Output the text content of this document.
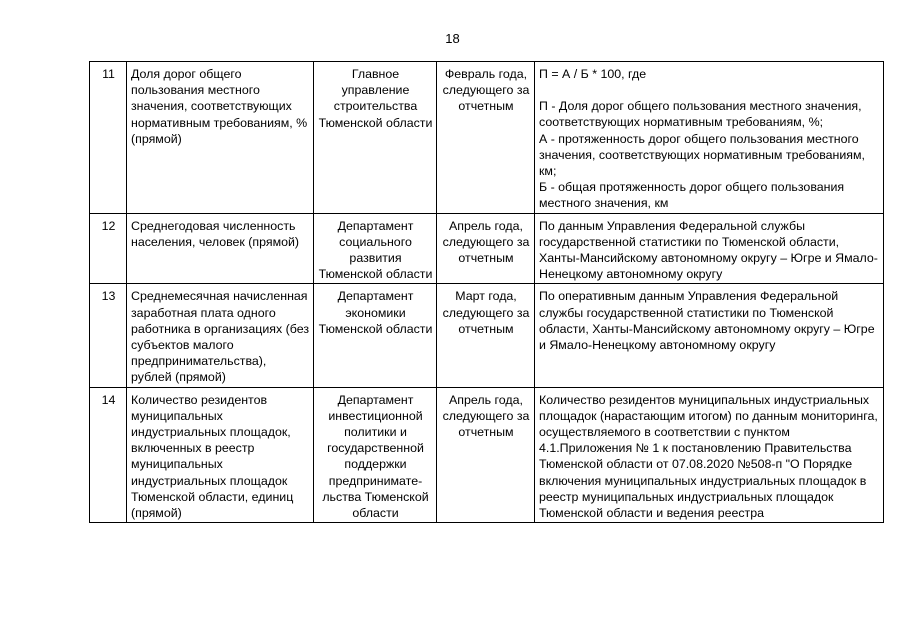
18
11	Доля дорог общего пользования местного значения, соответствующих нормативным требованиям, % (прямой)	Главное управление строительства Тюменской области	Февраль года, следующего за отчетным	П = А / Б * 100, где

П - Доля дорог общего пользования местного значения, соответствующих нормативным требованиям, %;

А - протяженность дорог общего пользования местного значения, соответствующих нормативным требованиям, км;

Б - общая протяженность дорог общего пользования местного значения, км

12	Среднегодовая численность населения, человек (прямой)	Департамент социального развития Тюменской области	Апрель года, следующего за отчетным	По данным Управления Федеральной службы государственной статистики по Тюменской области, Ханты-Мансийскому автономному округу – Югре и Ямало-Ненецкому автономному округу

13	Среднемесячная начисленная заработная плата одного работника в организациях (без субъектов малого предпринимательства), рублей (прямой)	Департамент экономики Тюменской области	Март года, следующего за отчетным	По оперативным данным Управления Федеральной службы государственной статистики по Тюменской области, Ханты-Мансийскому автономному округу – Югре и Ямало-Ненецкому автономному округу

14	Количество резидентов муниципальных индустриальных площадок, включенных в реестр муниципальных индустриальных площадок Тюменской области, единиц (прямой)	Департамент инвестиционной политики и государственной поддержки предпринимате-
льства Тюменской области	Апрель года, следующего за отчетным	Количество резидентов муниципальных индустриальных площадок (нарастающим итогом) по данным мониторинга, осуществляемого в соответствии с пунктом 4.1.Приложения № 1 к постановлению Правительства Тюменской области от 07.08.2020 №508-п "О Порядке включения муниципальных индустриальных площадок в реестр муниципальных индустриальных площадок Тюменской области и ведения реестра
